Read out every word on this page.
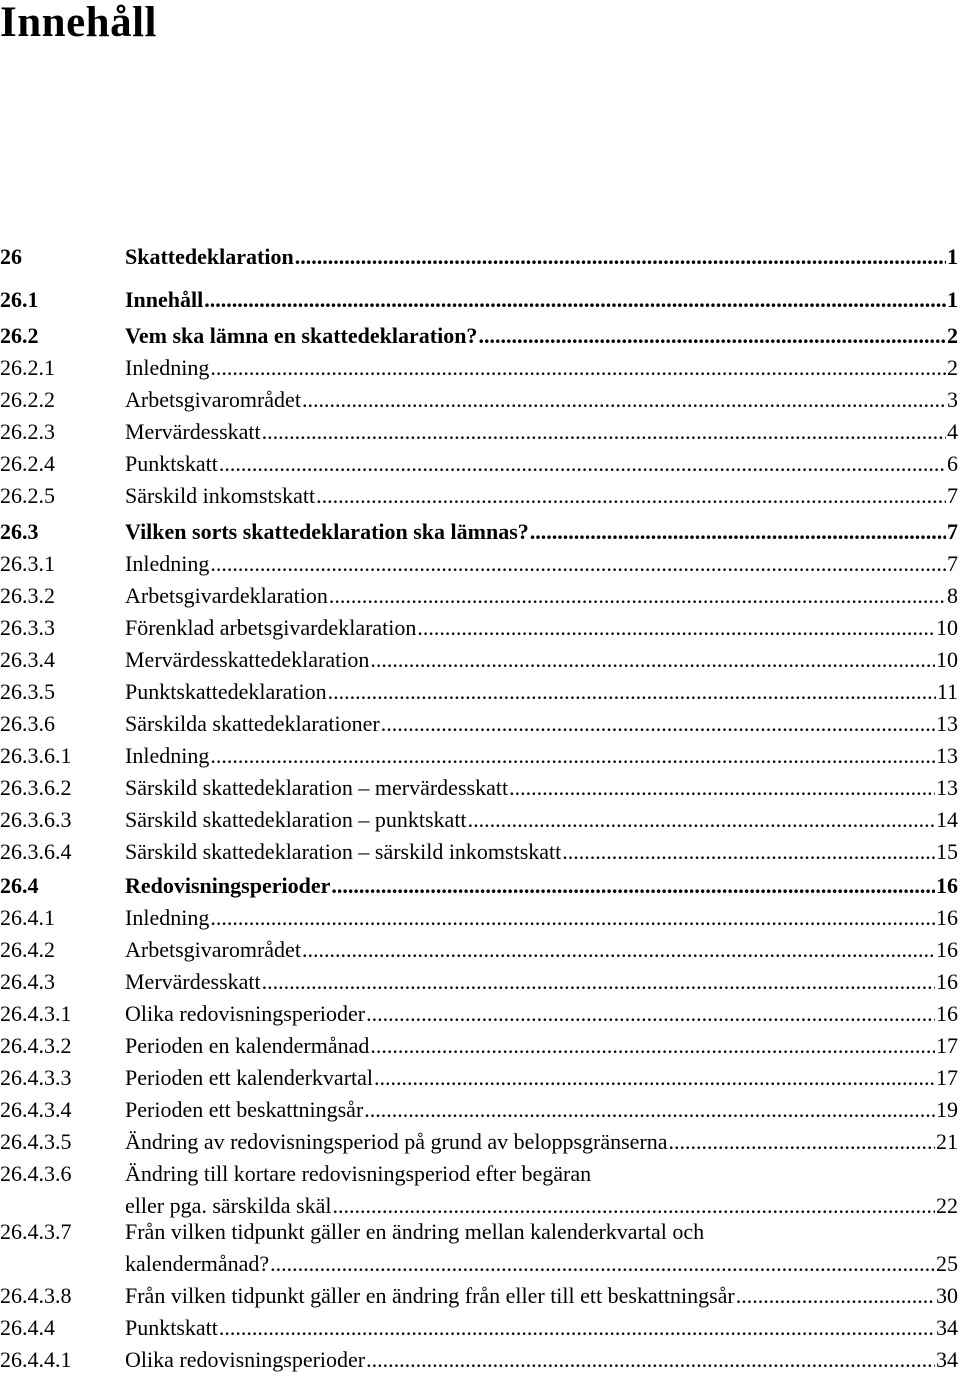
Innehåll
26	Skattedeklaration .....	1
26.1	Innehåll .....	1
26.2	Vem ska lämna en skattedeklaration? .....	2
26.2.1	Inledning .....	2
26.2.2	Arbetsgivarområdet .....	3
26.2.3	Mervärdesskatt .....	4
26.2.4	Punktskatt .....	6
26.2.5	Särskild inkomstskatt .....	7
26.3	Vilken sorts skattedeklaration ska lämnas? .....	7
26.3.1	Inledning .....	7
26.3.2	Arbetsgivardeklaration .....	8
26.3.3	Förenklad arbetsgivardeklaration .....	10
26.3.4	Mervärdesskattedeklaration .....	10
26.3.5	Punktskattedeklaration .....	11
26.3.6	Särskilda skattedeklarationer .....	13
26.3.6.1 Inledning .....	13
26.3.6.2 Särskild skattedeklaration – mervärdesskatt .....	13
26.3.6.3 Särskild skattedeklaration – punktskatt .....	14
26.3.6.4 Särskild skattedeklaration – särskild inkomstskatt .....	15
26.4	Redovisningsperioder .....	16
26.4.1	Inledning .....	16
26.4.2	Arbetsgivarområdet .....	16
26.4.3	Mervärdesskatt .....	16
26.4.3.1 Olika redovisningsperioder .....	16
26.4.3.2 Perioden en kalendermånad .....	17
26.4.3.3 Perioden ett kalenderkvartal .....	17
26.4.3.4 Perioden ett beskattningsår .....	19
26.4.3.5 Ändring av redovisningsperiod på grund av beloppsgränserna .....	21
26.4.3.6 Ändring till kortare redovisningsperiod efter begäran
eller pga. särskilda skäl .....	22
26.4.3.7 Från vilken tidpunkt gäller en ändring mellan kalenderkvartal och
kalendermånad? .....	25
26.4.3.8 Från vilken tidpunkt gäller en ändring från eller till ett beskattningsår .....	30
26.4.4	Punktskatt .....	34
26.4.4.1 Olika redovisningsperioder .....	34
